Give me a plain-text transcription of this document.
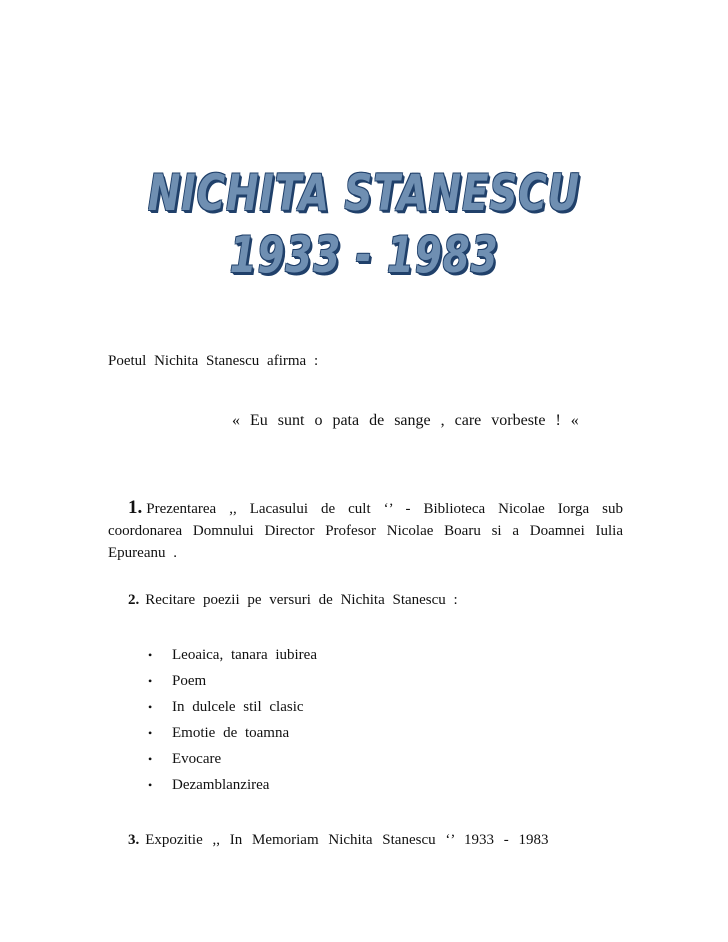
NICHITA STANESCU
1933 - 1983
Poetul Nichita Stanescu afirma :
« Eu sunt o pata de sange , care vorbeste ! «
1. Prezentarea ,, Lacasului de cult ‘’ - Biblioteca Nicolae Iorga sub coordonarea Domnului Director Profesor Nicolae Boaru si a Doamnei Iulia Epureanu .
2. Recitare poezii pe versuri de Nichita Stanescu :
• Leoaica, tanara iubirea
• Poem
• In dulcele stil clasic
• Emotie de toamna
• Evocare
• Dezamblanzirea
3. Expozitie ,, In Memoriam Nichita Stanescu ‘’ 1933 - 1983
